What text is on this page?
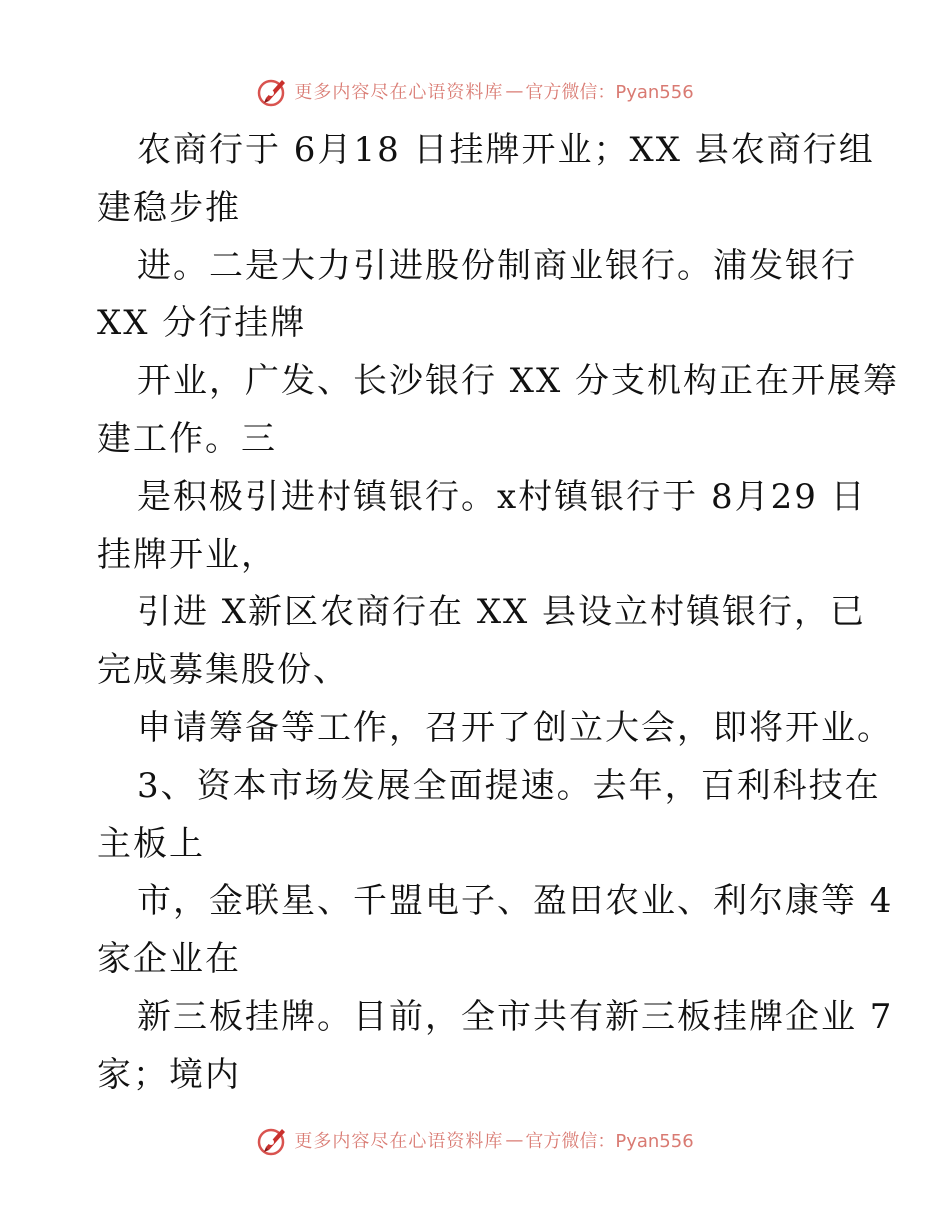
更多内容尽在心语资料库 — 官方微信：Pyan556
农商行于 6月18 日挂牌开业；XX 县农商行组
建稳步推
进。二是大力引进股份制商业银行。浦发银行
XX 分行挂牌
开业，广发、长沙银行 XX 分支机构正在开展筹
建工作。三
是积极引进村镇银行。x村镇银行于 8月29 日
挂牌开业，
引进 X新区农商行在 XX 县设立村镇银行，已
完成募集股份、
申请筹备等工作，召开了创立大会，即将开业。
3、资本市场发展全面提速。去年，百利科技在
主板上
市，金联星、千盟电子、盈田农业、利尔康等 4
家企业在
新三板挂牌。目前，全市共有新三板挂牌企业 7
家；境内
更多内容尽在心语资料库 — 官方微信：Pyan556
